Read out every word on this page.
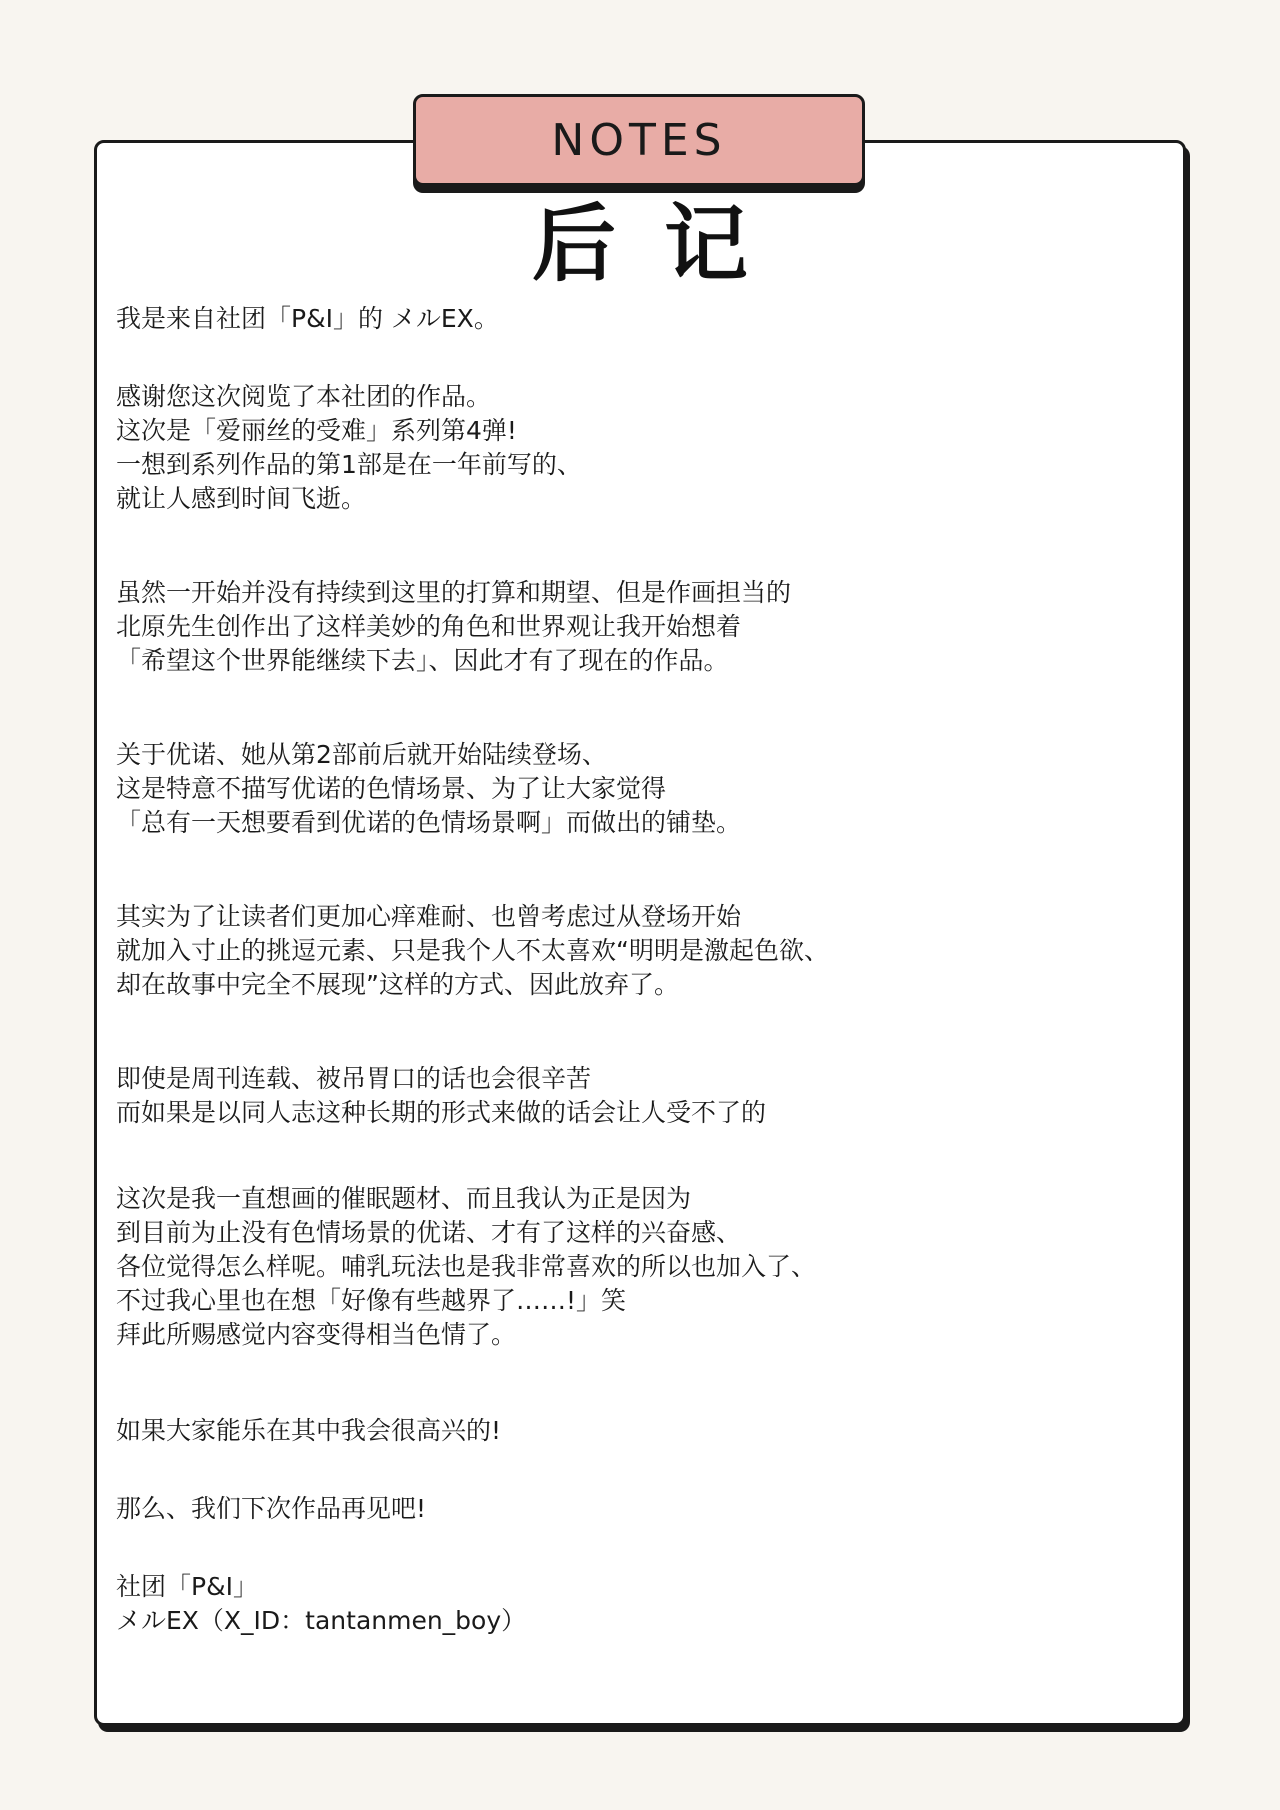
NOTES
后记
我是来自社团「P&I」的 メルEX。
感谢您这次阅览了本社团的作品。
这次是「爱丽丝的受难」系列第4弹!
一想到系列作品的第1部是在一年前写的、
就让人感到时间飞逝。
虽然一开始并没有持续到这里的打算和期望、但是作画担当的
北原先生创作出了这样美妙的角色和世界观让我开始想着
「希望这个世界能继续下去」、因此才有了现在的作品。
关于优诺、她从第2部前后就开始陆续登场、
这是特意不描写优诺的色情场景、为了让大家觉得
「总有一天想要看到优诺的色情场景啊」而做出的铺垫。
其实为了让读者们更加心痒难耐、也曾考虑过从登场开始
就加入寸止的挑逗元素、只是我个人不太喜欢“明明是激起色欲、
却在故事中完全不展现”这样的方式、因此放弃了。
即使是周刊连载、被吊胃口的话也会很辛苦
而如果是以同人志这种长期的形式来做的话会让人受不了的
这次是我一直想画的催眠题材、而且我认为正是因为
到目前为止没有色情场景的优诺、才有了这样的兴奋感、
各位觉得怎么样呢。哺乳玩法也是我非常喜欢的所以也加入了、
不过我心里也在想「好像有些越界了……!」笑
拜此所赐感觉内容变得相当色情了。
如果大家能乐在其中我会很高兴的!
那么、我们下次作品再见吧!
社团「P&I」
メルEX（X_ID：tantanmen_boy）
